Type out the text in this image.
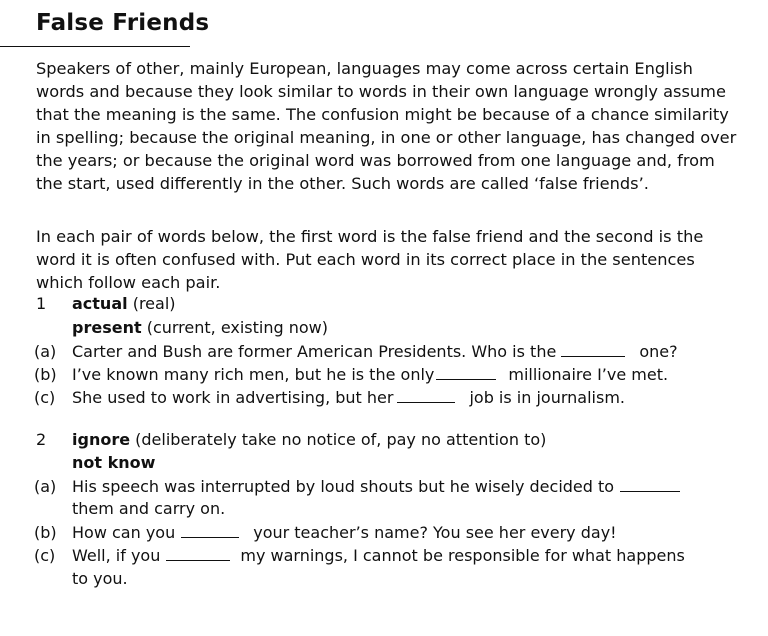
False Friends

Speakers of other, mainly European, languages may come across certain English words and because they look similar to words in their own language wrongly assume that the meaning is the same. The confusion might be because of a chance similarity in spelling; because the original meaning, in one or other language, has changed over the years; or because the original word was borrowed from one language and, from the start, used differently in the other. Such words are called ‘false friends’.

In each pair of words below, the first word is the false friend and the second is the word it is often confused with. Put each word in its correct place in the sentences which follow each pair.

1 actual (real)
present (current, existing now)
(a) Carter and Bush are former American Presidents. Who is the	one?
(b) I’ve known many rich men, but he is the only	millionaire I’ve met.
(c) She used to work in advertising, but her	job is in journalism.
2 ignore (deliberately take no notice of, pay no attention to)
not know
(a) His speech was interrupted by loud shouts but he wisely decided to
them and carry on.
(b) How can you	your teacher’s name? You see her every day!
(c) Well, if you	my warnings, I cannot be responsible for what happens
to you.
